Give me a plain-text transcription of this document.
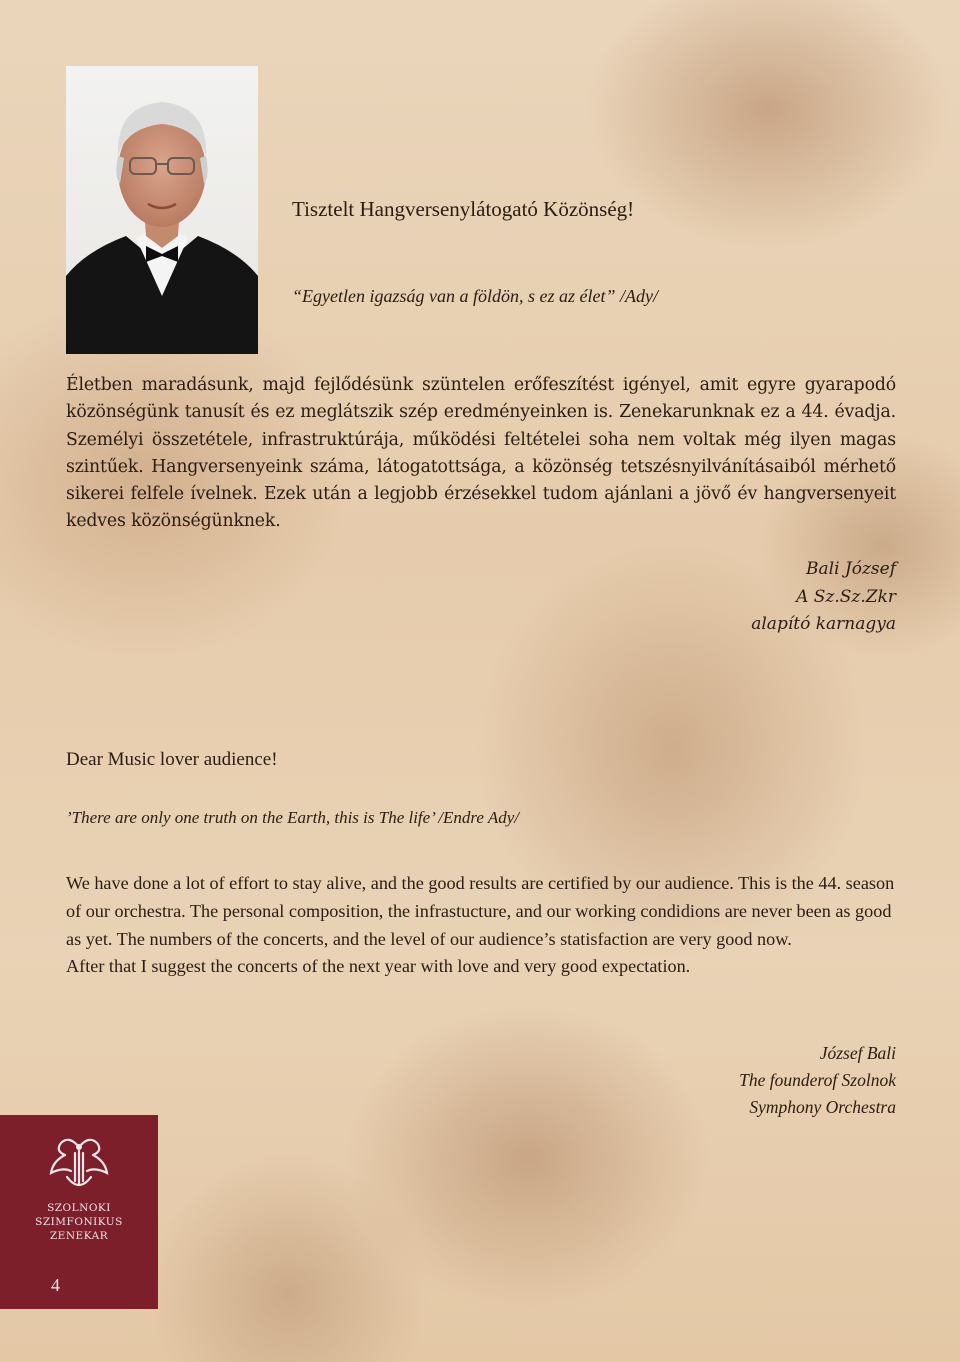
Tisztelt Hangversenylátogató Közönség!
“Egyetlen igazság van a földön, s ez az élet” /Ady/
Életben maradásunk, majd fejlődésünk szüntelen erőfeszítést igényel, amit egyre gyarapodó közönségünk tanusít és ez meglátszik szép eredményeinken is. Zenekarunknak ez a 44. évadja. Személyi összetétele, infrastruktúrája, működési feltételei soha nem voltak még ilyen magas szintűek. Hangversenyeink száma, látogatottsága, a közönség tetszésnyilvánításaiból mérhető sikerei felfele ívelnek. Ezek után a legjobb érzésekkel tudom ajánlani a jövő év hangversenyeit kedves közönségünknek.
Bali József
A Sz.Sz.Zkr
alapító karnagya
Dear Music lover audience!
’There are only one truth on the Earth, this is The life’ /Endre Ady/

We have done a lot of effort to stay alive, and the good results are certified by our audience. This is the 44. season of our orchestra. The personal composition, the infrastucture, and our working condidions are never been as good as yet. The numbers of the concerts, and the level of our audience’s statisfaction are very good now.

After that I suggest the concerts of the next year with love and very good expectation.

József Bali
The founderof Szolnok
Symphony Orchestra
SZOLNOKI
SZIMFONIKUS
ZENEKAR
4
